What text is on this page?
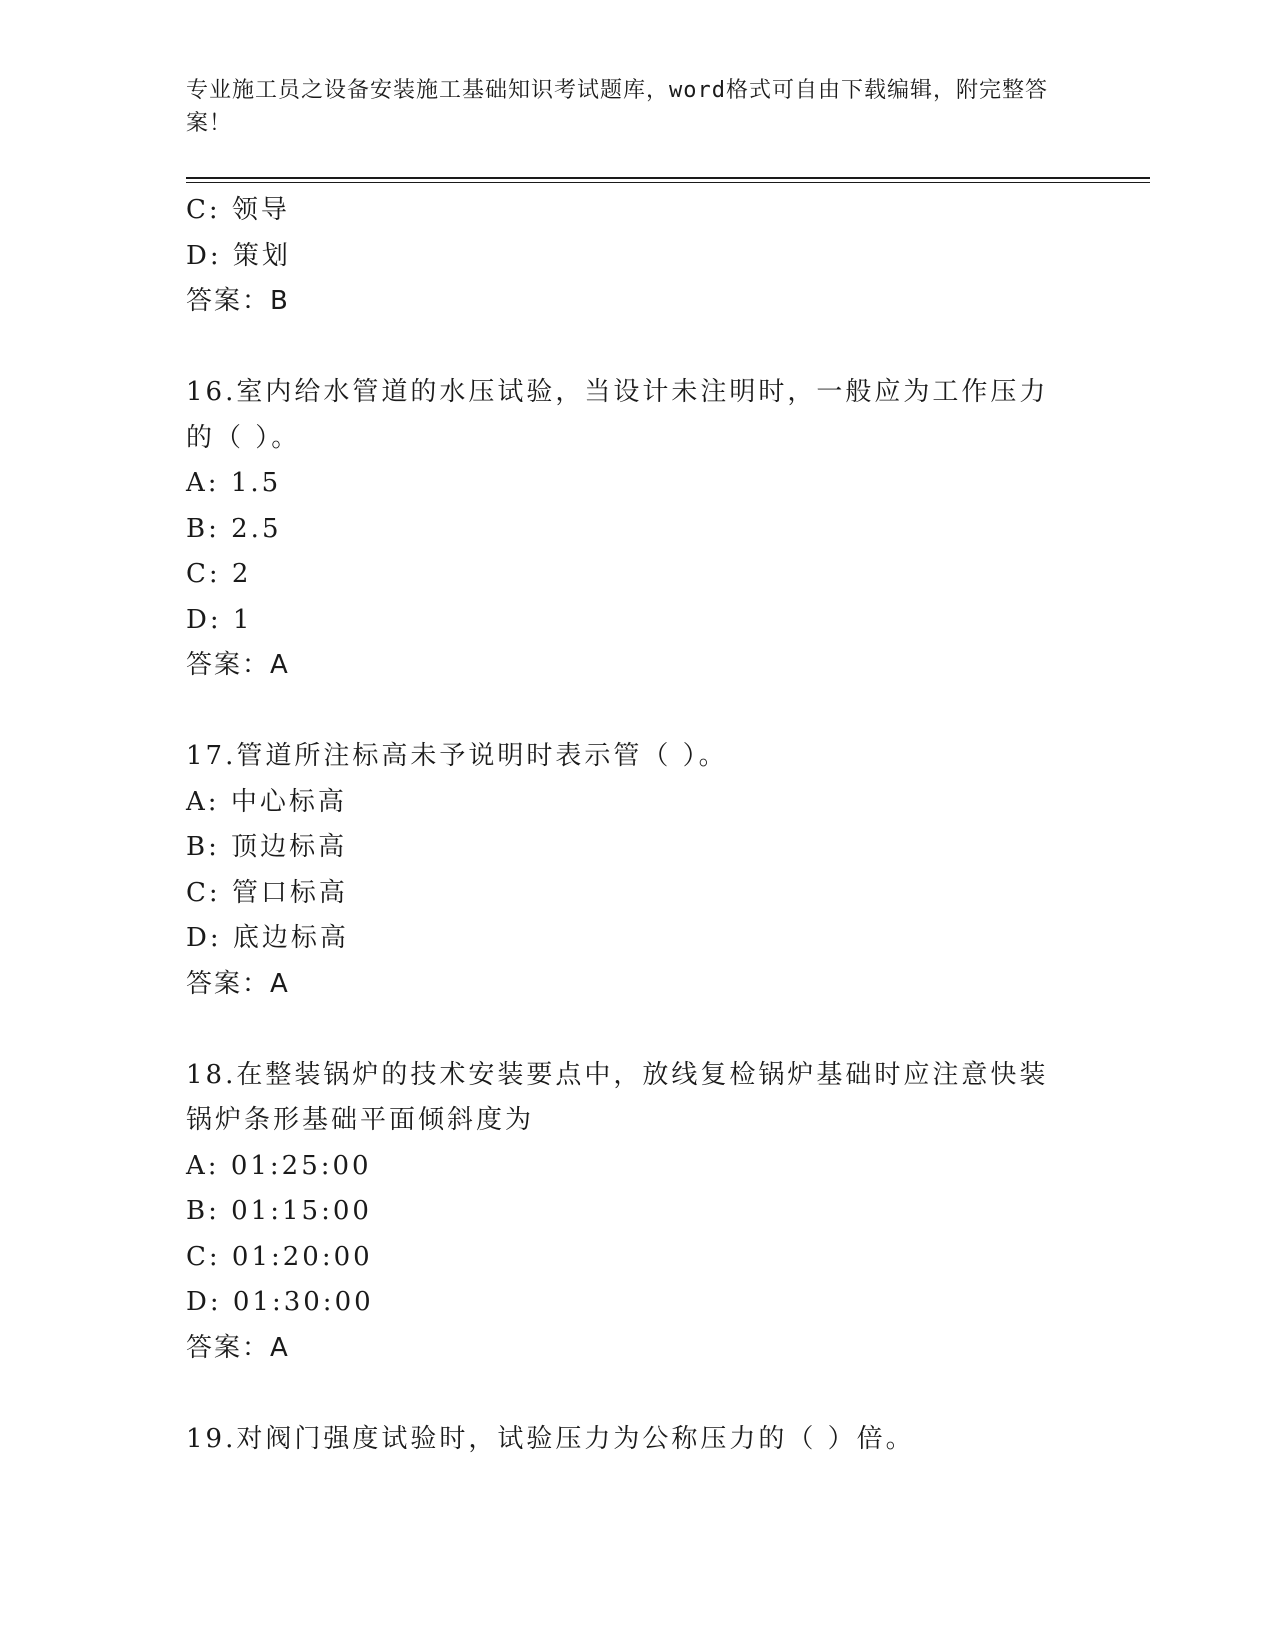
专业施工员之设备安装施工基础知识考试题库，word格式可自由下载编辑，附完整答案！
C: 领导
D: 策划
答案：B
16.室内给水管道的水压试验，当设计未注明时，一般应为工作压力的（ ）。
A: 1.5
B: 2.5
C: 2
D: 1
答案：A
17.管道所注标高未予说明时表示管（ ）。
A: 中心标高
B: 顶边标高
C: 管口标高
D: 底边标高
答案：A
18.在整装锅炉的技术安装要点中，放线复检锅炉基础时应注意快装锅炉条形基础平面倾斜度为
A: 01:25:00
B: 01:15:00
C: 01:20:00
D: 01:30:00
答案：A
19.对阀门强度试验时，试验压力为公称压力的（ ）倍。
